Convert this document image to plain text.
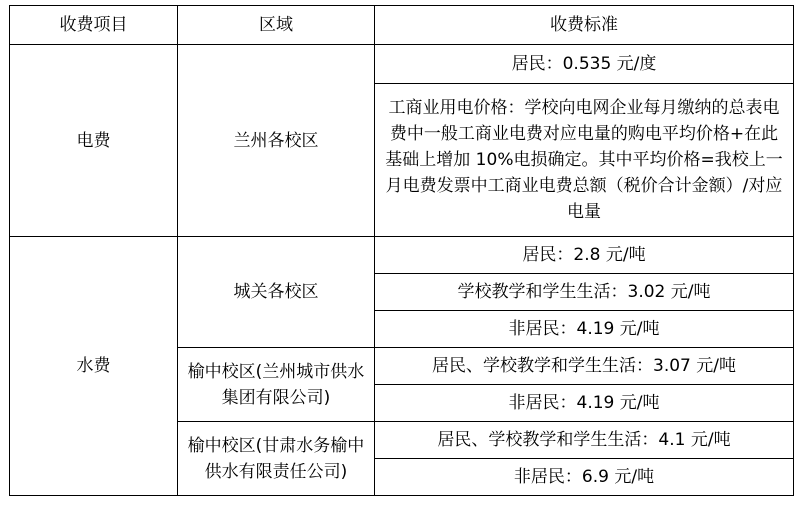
收费项目	区域	收费标准
电费	兰州各校区	居民：0.535 元/度
		工商业用电价格：学校向电网企业每月缴纳的总表电费中一般工商业电费对应电量的购电平均价格+在此基础上增加 10%电损确定。其中平均价格=我校上一月电费发票中工商业电费总额（税价合计金额）/对应电量
水费	城关各校区	居民：2.8 元/吨
		学校教学和学生生活：3.02 元/吨
		非居民：4.19 元/吨
	榆中校区(兰州城市供水集团有限公司)	居民、学校教学和学生生活：3.07 元/吨
		非居民：4.19 元/吨
	榆中校区(甘肃水务榆中供水有限责任公司)	居民、学校教学和学生生活：4.1 元/吨
		非居民：6.9 元/吨
